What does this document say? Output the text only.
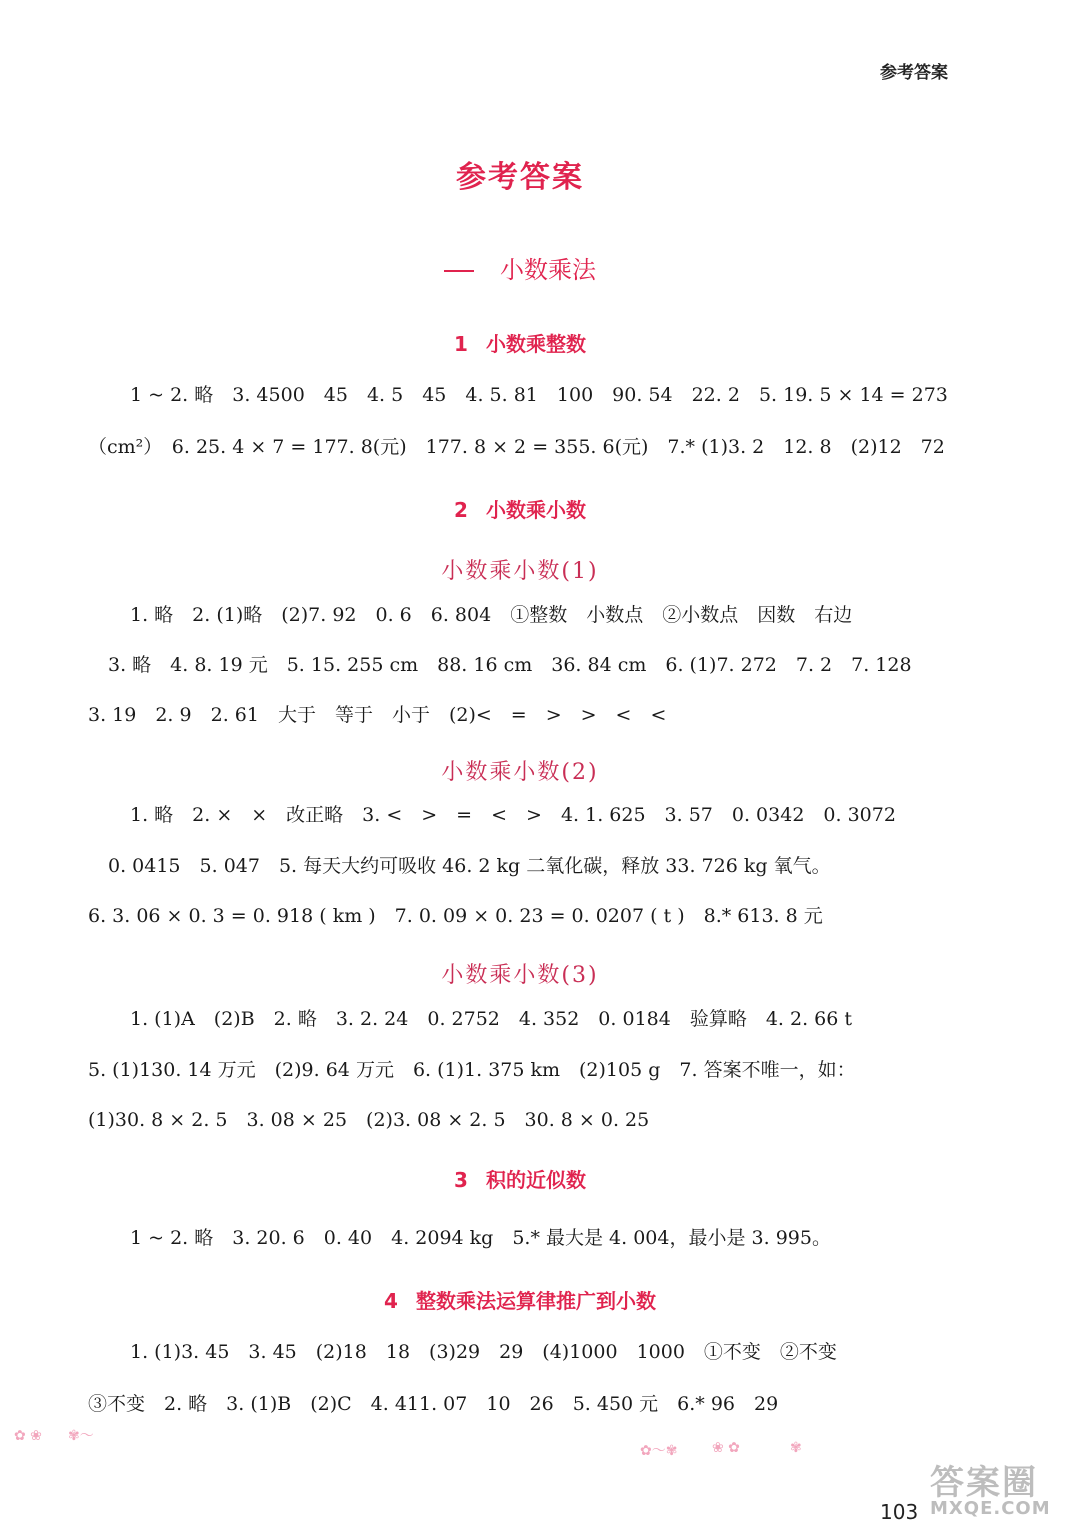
参考答案
参考答案
小数乘法
1 小数乘整数
1 ~ 2. 略　3. 4500　45　4. 5　45　4. 5. 81　100　90. 54　22. 2　5. 19. 5 × 14 = 273
（cm²）　6. 25. 4 × 7 = 177. 8(元)　177. 8 × 2 = 355. 6(元)　7.* (1)3. 2　12. 8　(2)12　72
2 小数乘小数
小数乘小数(1)
1. 略　2. (1)略　(2)7. 92　0. 6　6. 804　①整数　小数点　②小数点　因数　右边
3. 略　4. 8. 19 元　5. 15. 255 cm　88. 16 cm　36. 84 cm　6. (1)7. 272　7. 2　7. 128
3. 19　2. 9　2. 61　大于　等于　小于　(2)<　=　>　>　<　<
小数乘小数(2)
1. 略　2. ×　×　改正略　3. <　>　=　<　>　4. 1. 625　3. 57　0. 0342　0. 3072
0. 0415　5. 047　5. 每天大约可吸收 46. 2 kg 二氧化碳，释放 33. 726 kg 氧气。
6. 3. 06 × 0. 3 = 0. 918 ( km )　7. 0. 09 × 0. 23 = 0. 0207 ( t )　8.* 613. 8 元
小数乘小数(3)
1. (1)A　(2)B　2. 略　3. 2. 24　0. 2752　4. 352　0. 0184　验算略　4. 2. 66 t
5. (1)130. 14 万元　(2)9. 64 万元　6. (1)1. 375 km　(2)105 g　7. 答案不唯一，如：
(1)30. 8 × 2. 5　3. 08 × 25　(2)3. 08 × 2. 5　30. 8 × 0. 25
3 积的近似数
1 ~ 2. 略　3. 20. 6　0. 40　4. 2094 kg　5.* 最大是 4. 004，最小是 3. 995。
4 整数乘法运算律推广到小数
1. (1)3. 45　3. 45　(2)18　18　(3)29　29　(4)1000　1000　①不变　②不变
③不变　2. 略　3. (1)B　(2)C　4. 411. 07　10　26　5. 450 元　6.* 96　29
✿ ❀ ✾～
✿～✾ ❀ ✿	✾
103
答案圈
MXQE.COM
